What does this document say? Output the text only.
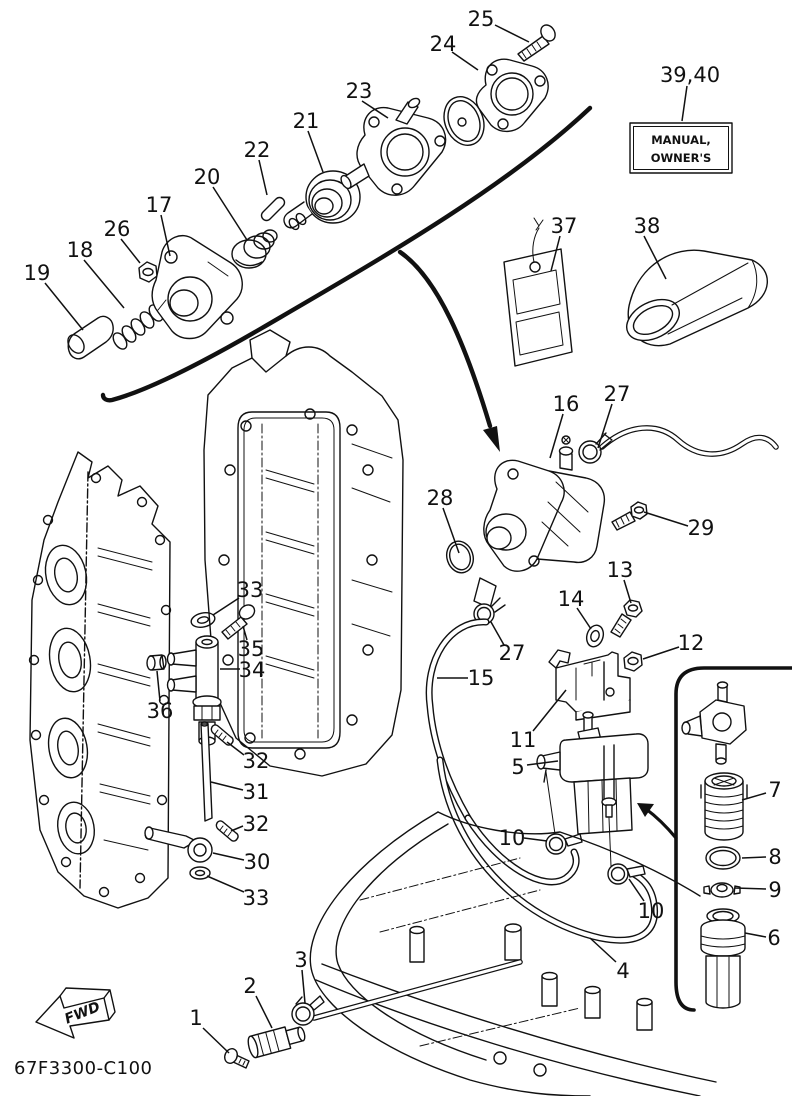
MANUAL,
OWNER'S
FWD
67F3300-C100
25
24
23
21
22
20
17
26
18
19
39,40
37	38
16 27
28
29
13
14
12
15
27
11
5
10
10
4
33
35
34
36
32
31
32
30
33
3
2
1
7
8
9
6
